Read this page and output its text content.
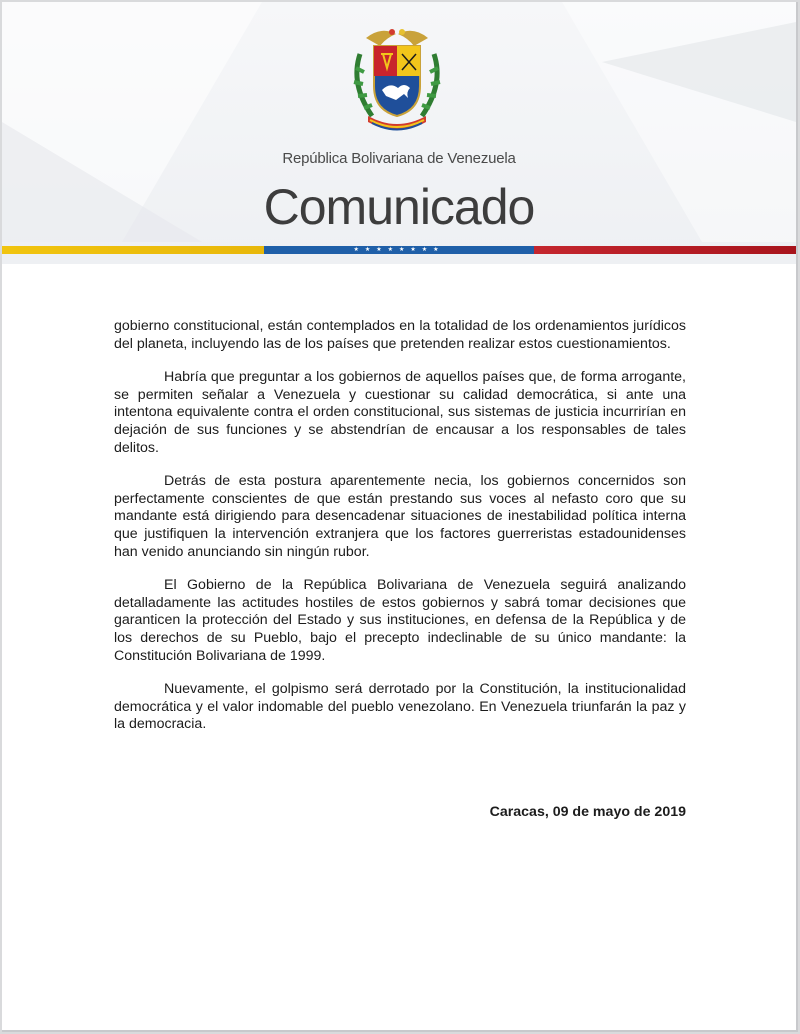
República Bolivariana de Venezuela
Comunicado
★★★★★★★★

gobierno constitucional, están contemplados en la totalidad de los ordenamientos jurídicos del planeta, incluyendo las de los países que pretenden realizar estos cuestionamientos.

Habría que preguntar a los gobiernos de aquellos países que, de forma arrogante, se permiten señalar a Venezuela y cuestionar su calidad democrática, si ante una intentona equivalente contra el orden constitucional, sus sistemas de justicia incurrirían en dejación de sus funciones y se abstendrían de encausar a los responsables de tales delitos.

Detrás de esta postura aparentemente necia, los gobiernos concernidos son perfectamente conscientes de que están prestando sus voces al nefasto coro que su mandante está dirigiendo para desencadenar situaciones de inestabilidad política interna que justifiquen la intervención extranjera que los factores guerreristas estadounidenses han venido anunciando sin ningún rubor.

El Gobierno de la República Bolivariana de Venezuela seguirá analizando detalladamente las actitudes hostiles de estos gobiernos y sabrá tomar decisiones que garanticen la protección del Estado y sus instituciones, en defensa de la República y de los derechos de su Pueblo, bajo el precepto indeclinable de su único mandante: la Constitución Bolivariana de 1999.

Nuevamente, el golpismo será derrotado por la Constitución, la institucionalidad democrática y el valor indomable del pueblo venezolano. En Venezuela triunfarán la paz y la democracia.

Caracas, 09 de mayo de 2019
